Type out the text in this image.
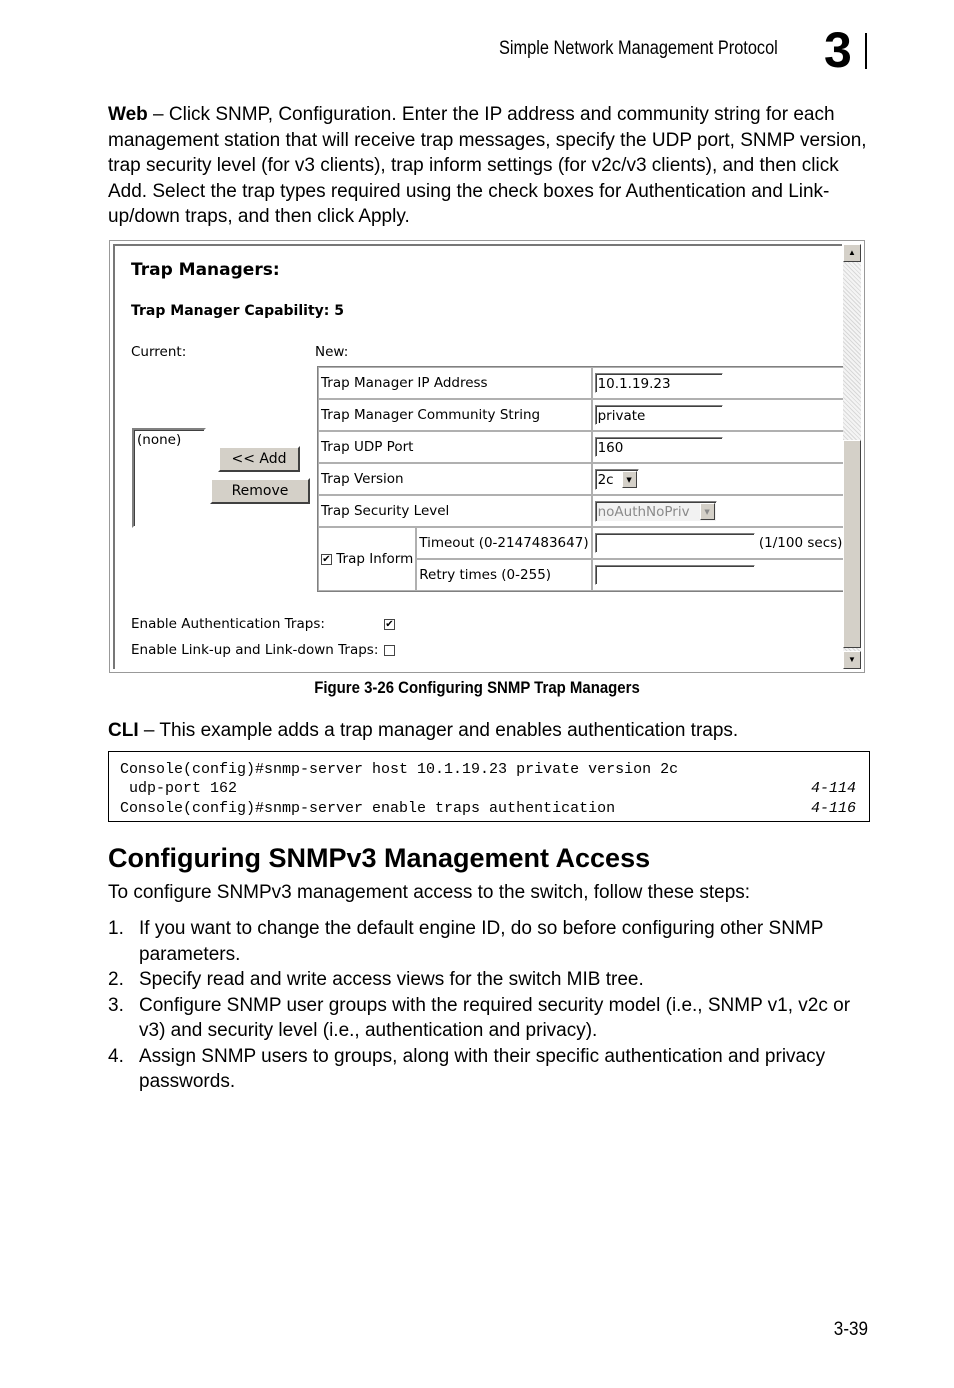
Simple Network Management Protocol 3
Web – Click SNMP, Configuration. Enter the IP address and community string for each management station that will receive trap messages, specify the UDP port, SNMP version, trap security level (for v3 clients), trap inform settings (for v2c/v3 clients), and then click Add. Select the trap types required using the check boxes for Authentication and Link-up/down traps, and then click Apply.
Trap Managers:
Trap Manager Capability: 5
Current:	New:
(none)
<< Add
Remove
Trap Manager IP Address		10.1.19.23
Trap Manager Community String		private
Trap UDP Port		160
Trap Version		2c ▼

Trap Security Level		noAuthNoPriv ▼

✔ Trap Inform	Timeout (0-2147483647)	(1/100 secs)
	Retry times (0-255)	
Enable Authentication Traps:	✔
Enable Link-up and Link-down Traps:
▲
▼
Figure 3-26 Configuring SNMP Trap Managers
CLI – This example adds a trap manager and enables authentication traps.
Console(config)#snmp-server host 10.1.19.23 private version 2c
udp-port 162	4-114
Console(config)#snmp-server enable traps authentication	4-116
Configuring SNMPv3 Management Access
To configure SNMPv3 management access to the switch, follow these steps:
1. If you want to change the default engine ID, do so before configuring other SNMP parameters.
2. Specify read and write access views for the switch MIB tree.
3. Configure SNMP user groups with the required security model (i.e., SNMP v1, v2c or v3) and security level (i.e., authentication and privacy).
4. Assign SNMP users to groups, along with their specific authentication and privacy passwords.
3-39
